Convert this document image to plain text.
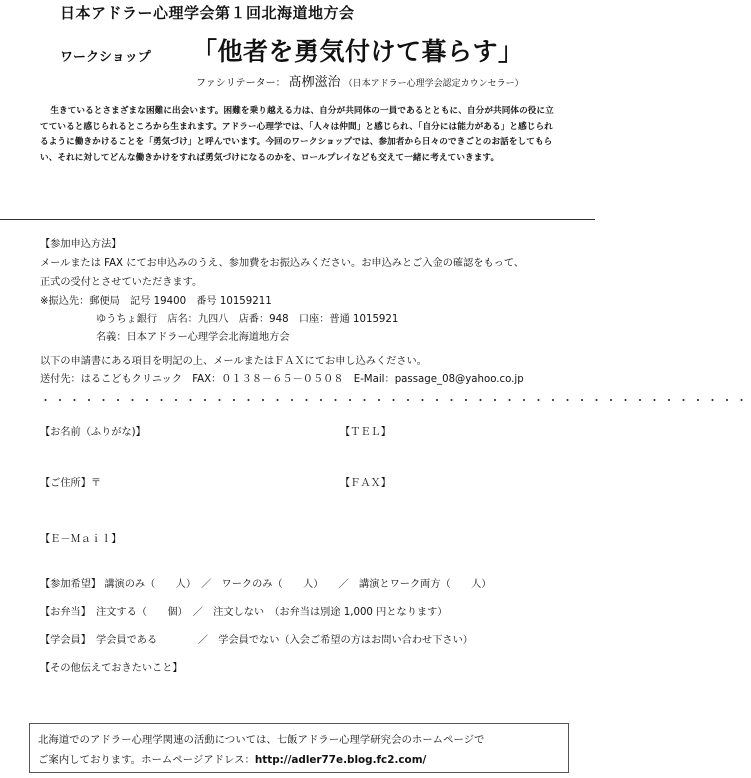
日本アドラー心理学会第１回北海道地方会
ワークショップ 「他者を勇気付けて暮らす」
ファシリテーター： 髙栁滋治 （日本アドラー心理学会認定カウンセラー）
生きているとさまざまな困難に出会います。困難を乗り越える力は、自分が共同体の一員であるとともに、自分が共同体の役に立てていると感じられるところから生まれます。アドラー心理学では、「人々は仲間」と感じられ、「自分には能力がある」と感じられるように働きかけることを「勇気づけ」と呼んでいます。今回のワークショップでは、参加者から日々のできごとのお話をしてもらい、それに対してどんな働きかけをすれば勇気づけになるのかを、ロールプレイなども交えて一緒に考えていきます。
【参加申込方法】
メールまたは FAX にてお申込みのうえ、参加費をお振込みください。お申込みとご入金の確認をもって、
正式の受付とさせていただきます。
※振込先：郵便局　記号 19400　番号 10159211
ゆうちょ銀行　店名：九四八　店番：948　口座：普通 1015921
名義：日本アドラー心理学会北海道地方会
以下の申請書にある項目を明記の上、メールまたはＦＡＸにてお申し込みください。
送付先：はるこどもクリニック　FAX：０１３８－６５－０５０８　E-Mail：passage_08@yahoo.co.jp
・・・・・・・・・・・・・・・・・・・・・・・・・・・・・・・・・・・・・・・・・・・・・・・・・
【お名前（ふりがな)】	【ＴＥＬ】
【ご住所】〒	【ＦＡＸ】
【Ｅ－Ｍａｉｌ】
【参加希望】 講演のみ（　　人）　／　ワークのみ（　　人）　　／　講演とワーク両方（　　人）
【お弁当】　注文する（　　個）　／　注文しない　（お弁当は別途 1,000 円となります）
【学会員】　学会員である　　　　／　学会員でない（入会ご希望の方はお問い合わせ下さい）
【その他伝えておきたいこと】
北海道でのアドラー心理学関連の活動については、七飯アドラー心理学研究会のホームページで
ご案内しております。ホームページアドレス：http://adler77e.blog.fc2.com/
